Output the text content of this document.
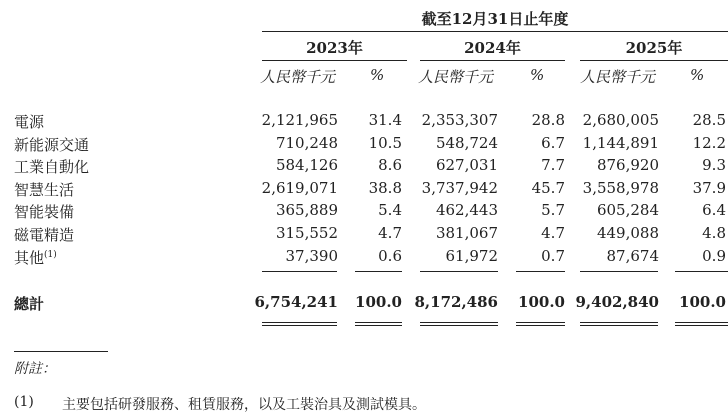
截至12月31日止年度
2023年	2024年	2025年
人民幣千元 % 人民幣千元 % 人民幣千元 %
電源	2,121,965	31.4	2,353,307	28.8	2,680,005	28.5
新能源交通	710,248	10.5	548,724	6.7	1,144,891	12.2
工業自動化	584,126	8.6	627,031	7.7	876,920	9.3
智慧生活	2,619,071	38.8	3,737,942	45.7	3,558,978	37.9
智能裝備	365,889	5.4	462,443	5.7	605,284	6.4
磁電精造	315,552	4.7	381,067	4.7	449,088	4.8
其他$^{(1)}$	37,390	0.6	61,972	0.7	87,674	0.9
總計	6,754,241	100.0 8,172,486	100.0 9,402,840	100.0
附註：
(1) 主要包括研發服務、租賃服務，以及工裝治具及測試模具。
